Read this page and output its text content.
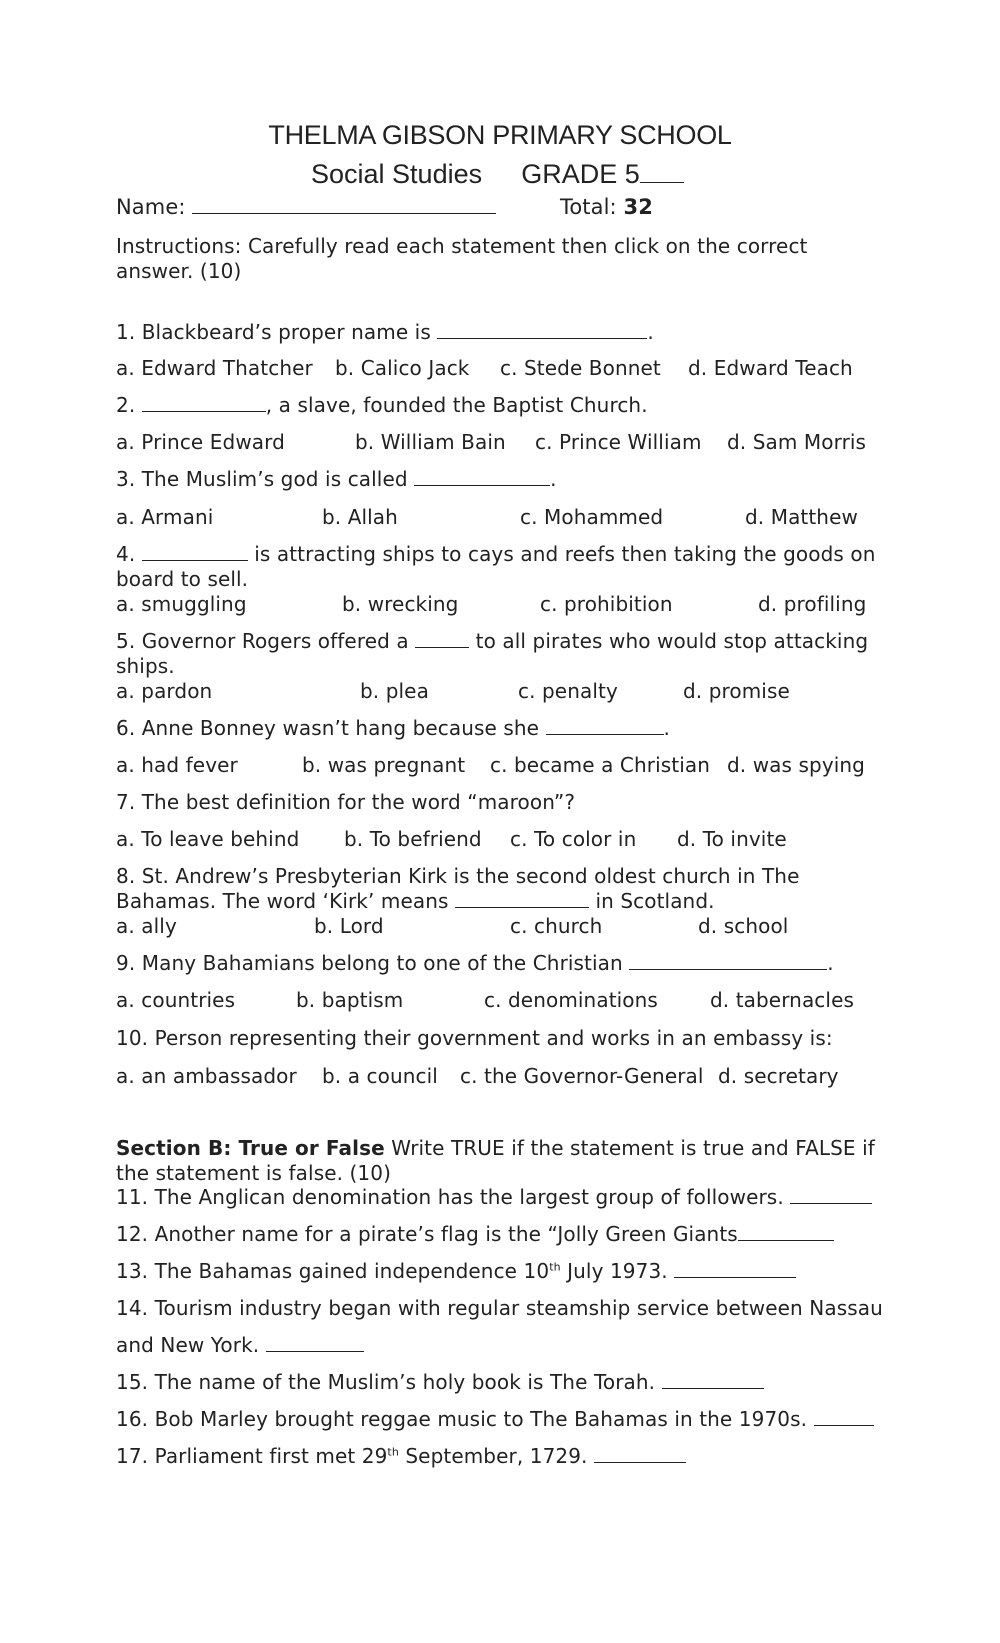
THELMA GIBSON PRIMARY SCHOOL
Social Studies GRADE 5
Name:	Total: 32
Instructions: Carefully read each statement then click on the correct answer. (10)
1. Blackbeard’s proper name is	.
a. Edward Thatcher b. Calico Jack c. Stede Bonnet d. Edward Teach
2.	, a slave, founded the Baptist Church.
a. Prince Edward	b. William Bain c. Prince William d. Sam Morris
3. The Muslim’s god is called	.
a. Armani	b. Allah	c. Mohammed	d. Matthew
4.	is attracting ships to cays and reefs then taking the goods on
board to sell.
a. smuggling	b. wrecking	c. prohibition	d. profiling
5. Governor Rogers offered a	to all pirates who would stop attacking
ships.
a. pardon	b. plea	c. penalty	d. promise
6. Anne Bonney wasn’t hang because she	.
a. had fever	b. was pregnant c. became a Christian d. was spying
7. The best definition for the word “maroon”?
a. To leave behind b. To befriend c. To color in d. To invite
8. St. Andrew’s Presbyterian Kirk is the second oldest church in The
Bahamas. The word ‘Kirk’ means	in Scotland.
a. ally	b. Lord	c. church	d. school
9. Many Bahamians belong to one of the Christian	.
a. countries	b. baptism	c. denominations	d. tabernacles
10. Person representing their government and works in an embassy is:
a. an ambassador b. a council c. the Governor-General d. secretary
Section B: True or False Write TRUE if the statement is true and FALSE if the statement is false. (10)
11. The Anglican denomination has the largest group of followers.
12. Another name for a pirate’s flag is the “Jolly Green Giants
13. The Bahamas gained independence 10th July 1973.
14. Tourism industry began with regular steamship service between Nassau
and New York.
15. The name of the Muslim’s holy book is The Torah.
16. Bob Marley brought reggae music to The Bahamas in the 1970s.
17. Parliament first met 29th September, 1729.
